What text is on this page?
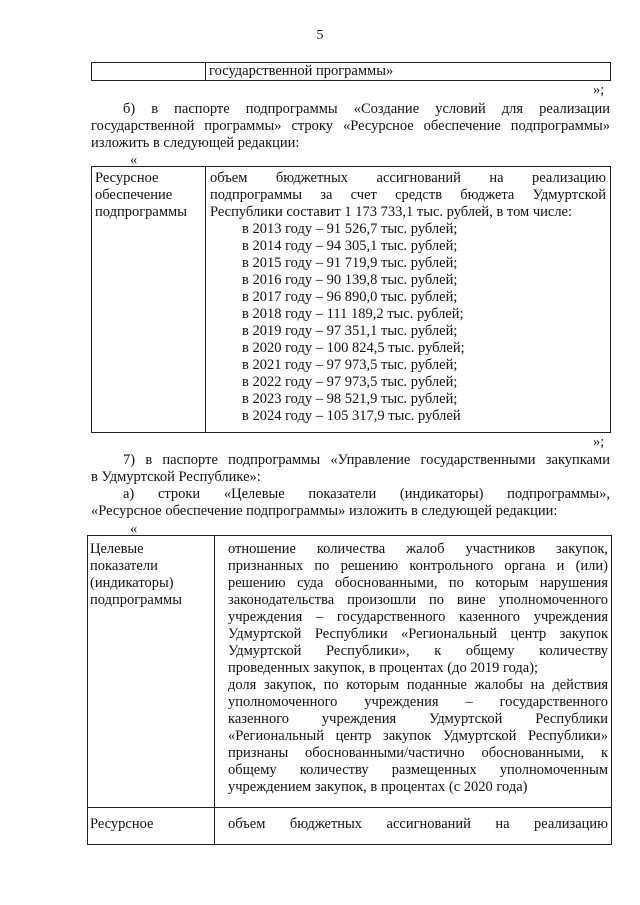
5
государственной программы»
»;
б) в паспорте подпрограммы «Создание условий для реализации
государственной программы» строку «Ресурсное обеспечение подпрограммы»
изложить в следующей редакции:
«
Ресурсное
обеспечение
подпрограммы
объем бюджетных ассигнований на реализацию
подпрограммы за счет средств бюджета Удмуртской
Республики составит 1 173 733,1 тыс. рублей, в том числе:
в 2013 году – 91 526,7 тыс. рублей;
в 2014 году – 94 305,1 тыс. рублей;
в 2015 году – 91 719,9 тыс. рублей;
в 2016 году – 90 139,8 тыс. рублей;
в 2017 году – 96 890,0 тыс. рублей;
в 2018 году – 111 189,2 тыс. рублей;
в 2019 году – 97 351,1 тыс. рублей;
в 2020 году – 100 824,5 тыс. рублей;
в 2021 году – 97 973,5 тыс. рублей;
в 2022 году – 97 973,5 тыс. рублей;
в 2023 году – 98 521,9 тыс. рублей;
в 2024 году – 105 317,9 тыс. рублей
»;
7) в паспорте подпрограммы «Управление государственными закупками
в Удмуртской Республике»:
а) строки «Целевые показатели (индикаторы) подпрограммы»,
«Ресурсное обеспечение подпрограммы» изложить в следующей редакции:
«
Целевые
показатели
(индикаторы)
подпрограммы
отношение количества жалоб участников закупок,
признанных по решению контрольного органа и (или)
решению суда обоснованными, по которым нарушения
законодательства произошли по вине уполномоченного
учреждения – государственного казенного учреждения
Удмуртской Республики «Региональный центр закупок
Удмуртской Республики», к общему количеству
проведенных закупок, в процентах (до 2019 года);
доля закупок, по которым поданные жалобы на действия
уполномоченного учреждения – государственного
казенного учреждения Удмуртской Республики
«Региональный центр закупок Удмуртской Республики»
признаны обоснованными/частично обоснованными, к
общему количеству размещенных уполномоченным
учреждением закупок, в процентах (с 2020 года)
Ресурсное	объем бюджетных ассигнований на реализацию
